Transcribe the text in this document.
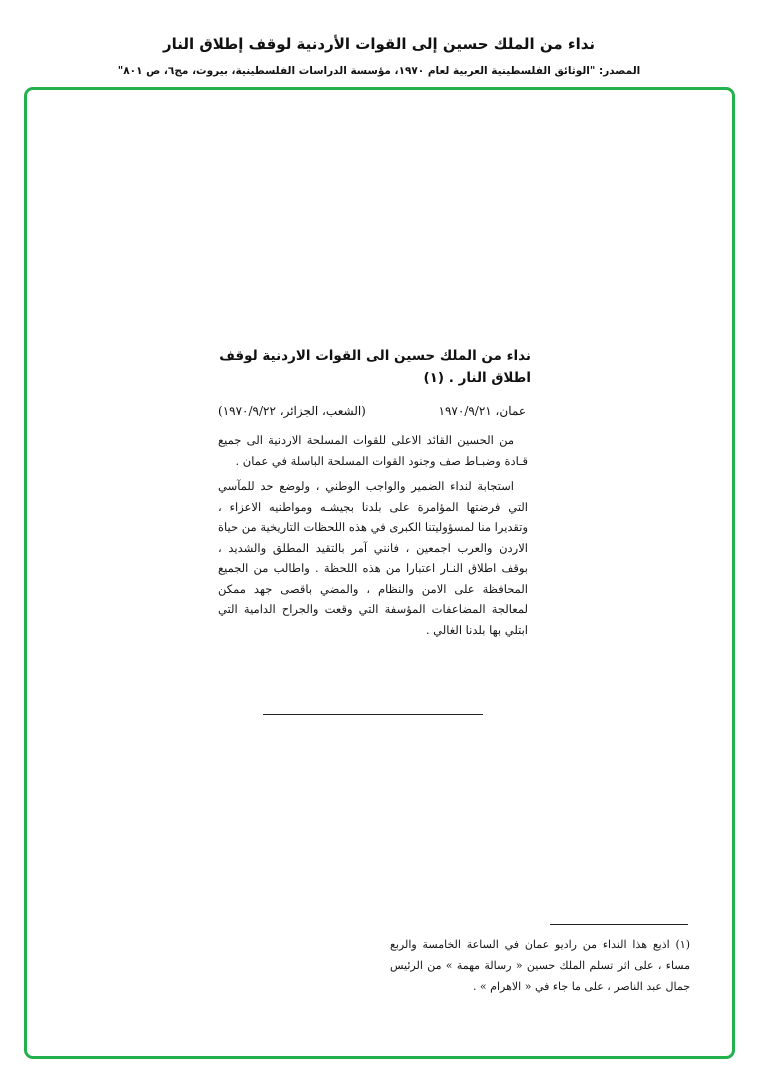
نداء من الملك حسين إلى القوات الأردنية لوقف إطلاق النار

المصدر: "الوثائق الفلسطينية العربية لعام ١٩٧٠، مؤسسة الدراسات الفلسطينية، بيروت، مج٦، ص ٨٠١"

نداء من الملك حسين الى القوات الاردنية لوقف اطلاق النار . (١)
عمان، ١٩٧٠/٩/٢١
(الشعب، الجزائر، ١٩٧٠/٩/٢٢)

من الحسين القائد الاعلى للقوات المسلحة الاردنية الى جميع قـادة وضبـاط صف وجنود القوات المسلحة الباسلة في عمان .

استجابة لنداء الضمير والواجب الوطني ، ولوضع حد للمآسي التي فرضتها المؤامرة على بلدنا بجيشـه ومواطنيه الاعزاء ، وتقديرا منا لمسؤوليتنا الكبرى في هذه اللحظات التاريخية من حياة الاردن والعرب اجمعين ، فانني آمر بالتقيد المطلق والشديد ، بوقف اطلاق النـار اعتبارا من هذه اللحظة . واطالب من الجميع المحافظة على الامن والنظام ، والمضي باقصى جهد ممكن لمعالجة المضاعفات المؤسفة التي وقعت والجراح الدامية التي ابتلي بها بلدنا الغالي .

(١) اذيع هذا النداء من راديو عمان في الساعة الخامسة والربع مساء ، على اثر تسلم الملك حسين « رسالة مهمة » من الرئيس جمال عبد الناصر ، على ما جاء في « الاهرام » .
